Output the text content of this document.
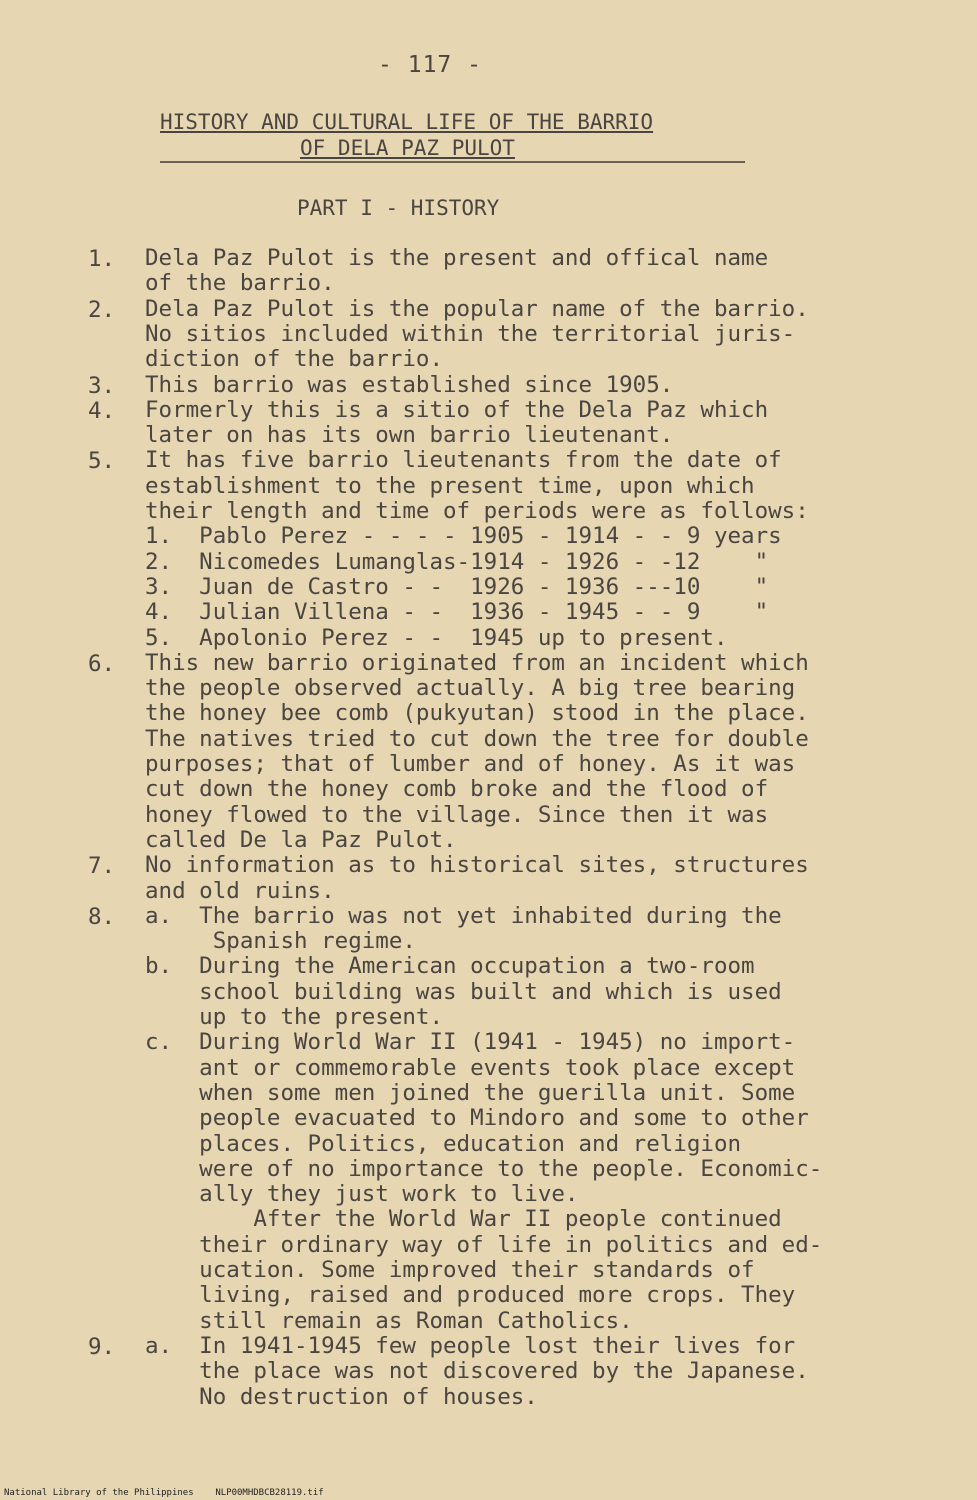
- 117 -
HISTORY AND CULTURAL LIFE OF THE BARRIO
OF DELA PAZ PULOT
PART I - HISTORY
1. Dela Paz Pulot is the present and offical name
of the barrio.
2. Dela Paz Pulot is the popular name of the barrio.
No sitios included within the territorial juris-
diction of the barrio.
3. This barrio was established since 1905.
4. Formerly this is a sitio of the Dela Paz which
later on has its own barrio lieutenant.
5. It has five barrio lieutenants from the date of
establishment to the present time, upon which
their length and time of periods were as follows:
1.  Pablo Perez - - - - 1905 - 1914 - - 9 years
2.  Nicomedes Lumanglas-1914 - 1926 - -12    "
3.  Juan de Castro - -  1926 - 1936 ---10    "
4.  Julian Villena - -  1936 - 1945 - - 9    "
5.  Apolonio Perez - -  1945 up to present.
6. This new barrio originated from an incident which
the people observed actually. A big tree bearing
the honey bee comb (pukyutan) stood in the place.
The natives tried to cut down the tree for double
purposes; that of lumber and of honey. As it was
cut down the honey comb broke and the flood of
honey flowed to the village. Since then it was
called De la Paz Pulot.
7. No information as to historical sites, structures
and old ruins.
8. a.  The barrio was not yet inhabited during the
Spanish regime.
b.  During the American occupation a two-room
school building was built and which is used
up to the present.
c.  During World War II (1941 - 1945) no import-
ant or commemorable events took place except
when some men joined the guerilla unit. Some
people evacuated to Mindoro and some to other
places. Politics, education and religion
were of no importance to the people. Economic-
ally they just work to live.
After the World War II people continued
their ordinary way of life in politics and ed-
ucation. Some improved their standards of
living, raised and produced more crops. They
still remain as Roman Catholics.
9. a.  In 1941-1945 few people lost their lives for
the place was not discovered by the Japanese.
No destruction of houses.
National Library of the Philippines    NLP00MHDBCB28119.tif
